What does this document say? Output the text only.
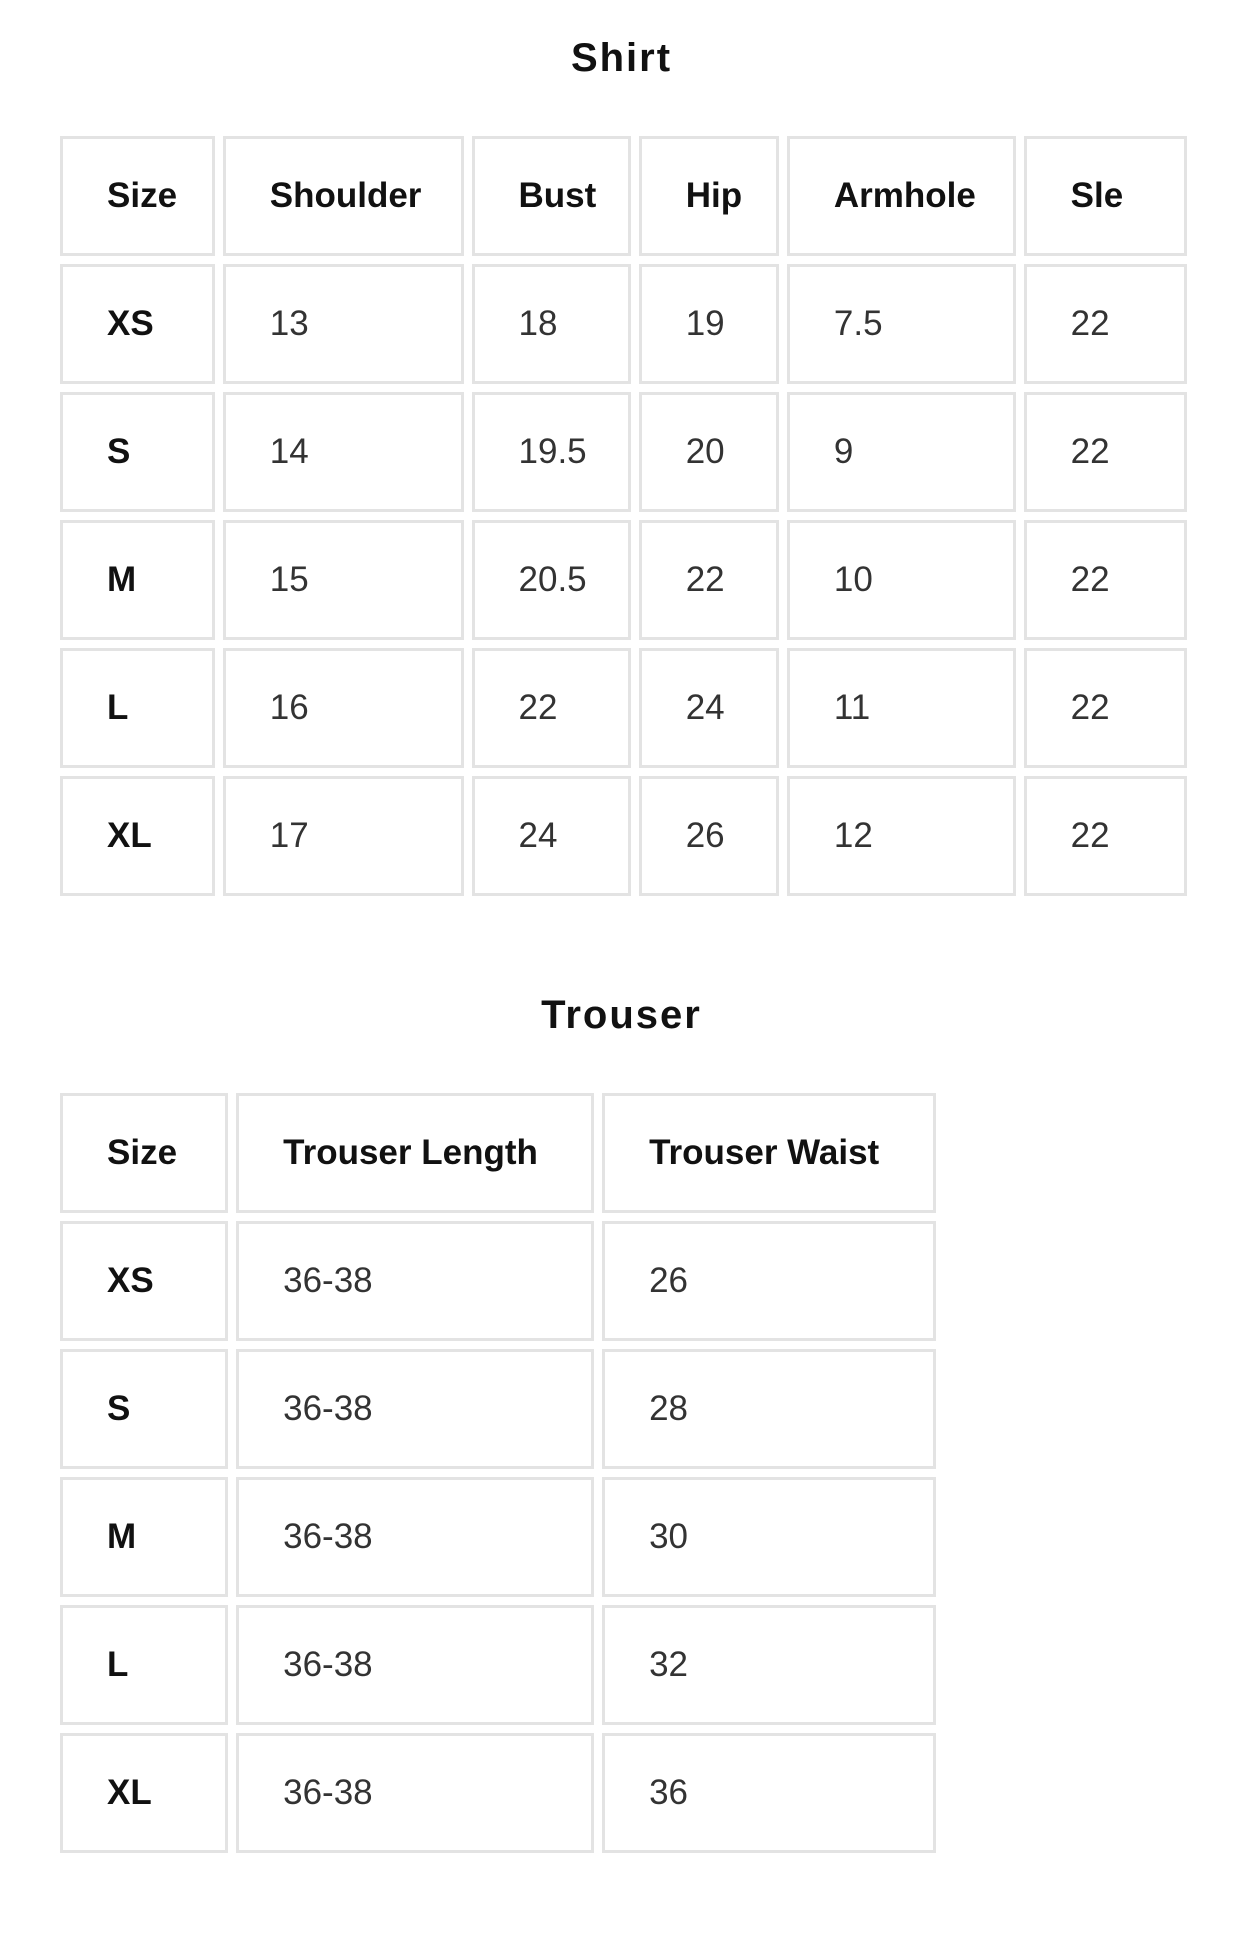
Shirt
Size	Shoulder	Bust	Hip	Armhole	Sle
XS	13	18	19	7.5	22
S	14	19.5	20	9	22
M	15	20.5	22	10	22
L	16	22	24	11	22
XL	17	24	26	12	22
Trouser
Size	Trouser Length	Trouser Waist
XS	36-38	26
S	36-38	28
M	36-38	30
L	36-38	32
XL	36-38	36
